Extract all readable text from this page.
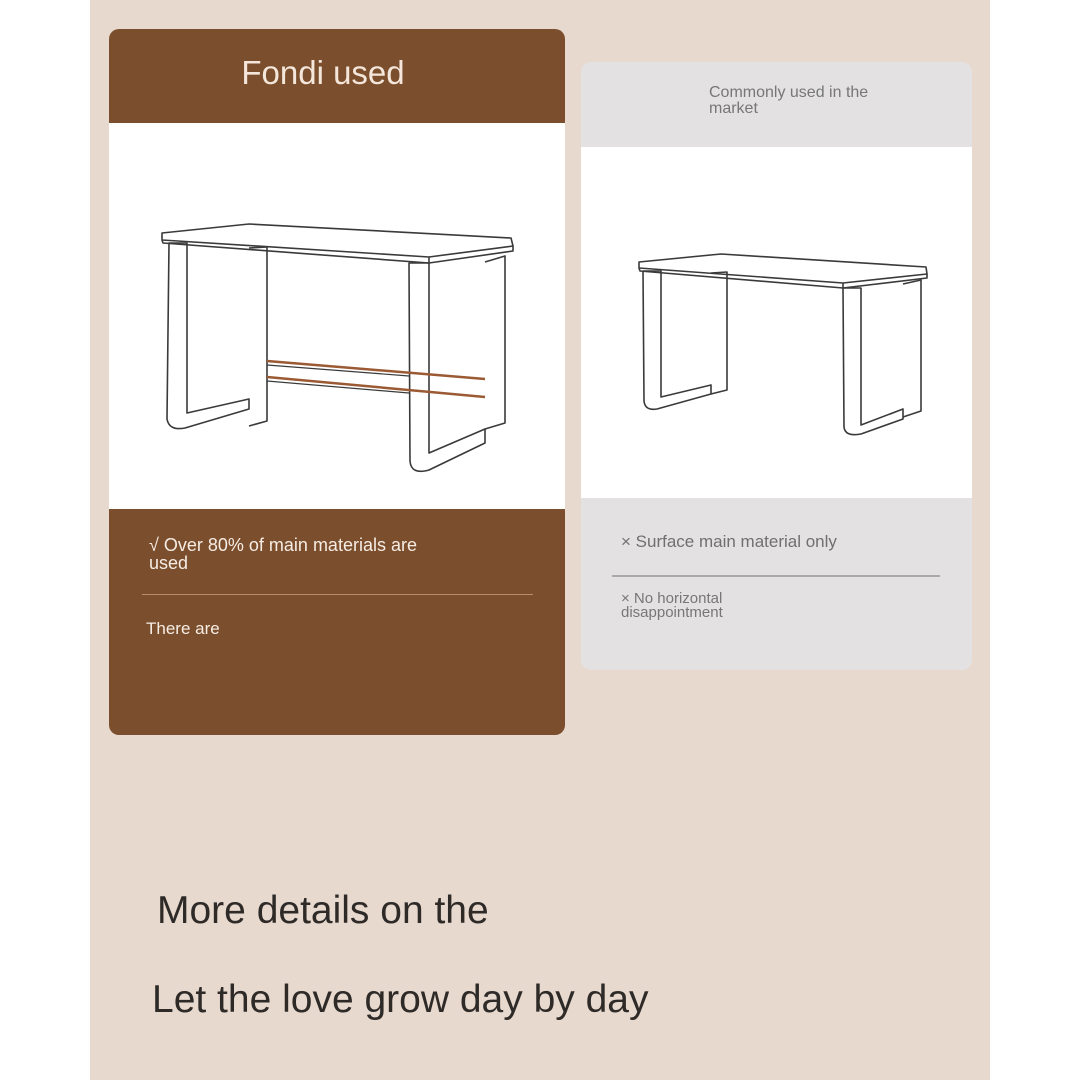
Fondi used
√ Over 80% of main materials are used
There are
Commonly used in the market
× Surface main material only
× No horizontal disappointment
More details on the
Let the love grow day by day
